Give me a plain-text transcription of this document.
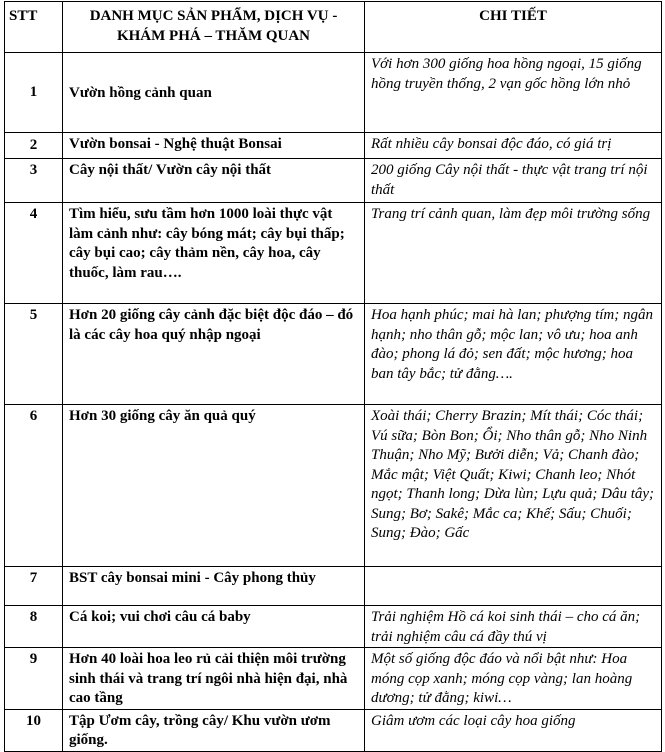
STT	DANH MỤC SẢN PHẨM, DỊCH VỤ - KHÁM PHÁ – THĂM QUAN	CHI TIẾT
1	Vườn hồng cảnh quan	Với hơn 300 giống hoa hồng ngoại, 15 giống hồng truyền thống, 2 vạn gốc hồng lớn nhỏ
2	Vườn bonsai - Nghệ thuật Bonsai	Rất nhiều cây bonsai độc đáo, có giá trị
3	Cây nội thất/ Vườn cây nội thất	200 giống Cây nội thất - thực vật trang trí nội thất
4	Tìm hiểu, sưu tầm hơn 1000 loài thực vật làm cảnh như: cây bóng mát; cây bụi thấp; cây bụi cao; cây thảm nền, cây hoa, cây thuốc, làm rau….	Trang trí cảnh quan, làm đẹp môi trường sống
5	Hơn 20 giống cây cảnh đặc biệt độc đáo – đó là các cây hoa quý nhập ngoại	Hoa hạnh phúc; mai hà lan; phượng tím; ngân hạnh; nho thân gỗ; mộc lan; vô ưu; hoa anh đào; phong lá đỏ; sen đất; mộc hương; hoa ban tây bắc; tử đằng….
6	Hơn 30 giống cây ăn quả quý	Xoài thái; Cherry Brazin; Mít thái; Cóc thái; Vú sữa; Bòn Bon; Ổi; Nho thân gỗ; Nho Ninh Thuận; Nho Mỹ; Bưởi diễn; Vả; Chanh đào; Mắc mật; Việt Quất; Kiwi; Chanh leo; Nhót ngọt; Thanh long; Dừa lùn; Lựu quả; Dâu tây; Sung; Bơ; Sakê; Mắc ca; Khế; Sấu; Chuối; Sung; Đào; Gấc
7	BST cây bonsai mini - Cây phong thủy	
8	Cá koi; vui chơi câu cá baby	Trải nghiệm Hồ cá koi sinh thái – cho cá ăn; trải nghiệm câu cá đầy thú vị
9	Hơn 40 loài hoa leo rủ cải thiện môi trường sinh thái và trang trí ngôi nhà hiện đại, nhà cao tầng	Một số giống độc đáo và nổi bật như: Hoa móng cọp xanh; móng cọp vàng; lan hoàng dương; tử đằng; kiwi…
10	Tập Ươm cây, trồng cây/ Khu vườn ươm giống.	Giâm ươm các loại cây hoa giống
